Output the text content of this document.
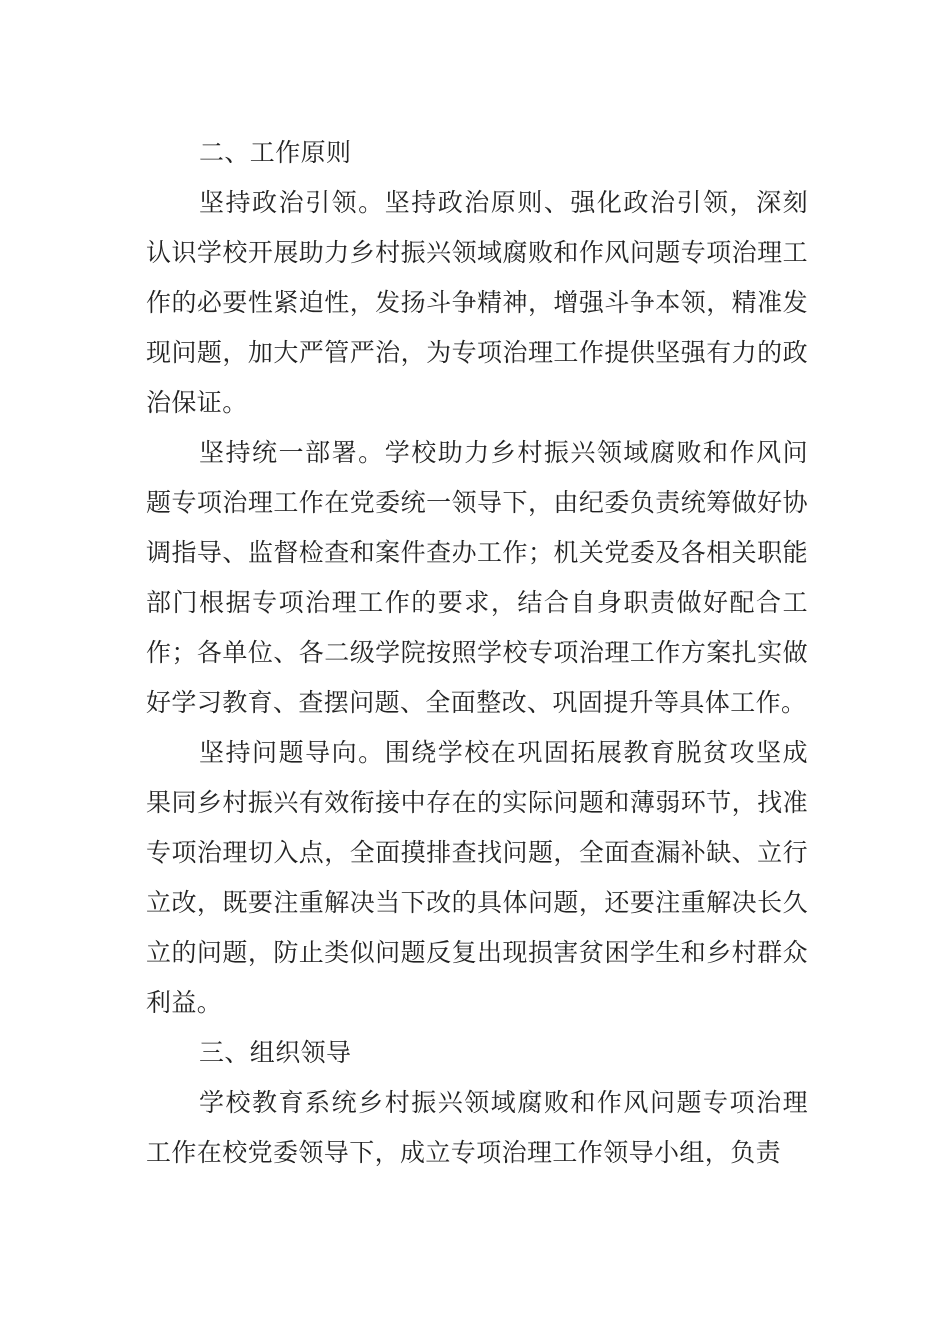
二、工作原则

坚持政治引领。坚持政治原则、强化政治引领，深刻认识学校开展助力乡村振兴领域腐败和作风问题专项治理工作的必要性紧迫性，发扬斗争精神，增强斗争本领，精准发现问题，加大严管严治，为专项治理工作提供坚强有力的政治保证。

坚持统一部署。学校助力乡村振兴领域腐败和作风问题专项治理工作在党委统一领导下，由纪委负责统筹做好协调指导、监督检查和案件查办工作；机关党委及各相关职能部门根据专项治理工作的要求，结合自身职责做好配合工作；各单位、各二级学院按照学校专项治理工作方案扎实做好学习教育、查摆问题、全面整改、巩固提升等具体工作。

坚持问题导向。围绕学校在巩固拓展教育脱贫攻坚成果同乡村振兴有效衔接中存在的实际问题和薄弱环节，找准专项治理切入点，全面摸排查找问题，全面查漏补缺、立行立改，既要注重解决当下改的具体问题，还要注重解决长久立的问题，防止类似问题反复出现损害贫困学生和乡村群众利益。

三、组织领导

学校教育系统乡村振兴领域腐败和作风问题专项治理工作在校党委领导下，成立专项治理工作领导小组，负责
